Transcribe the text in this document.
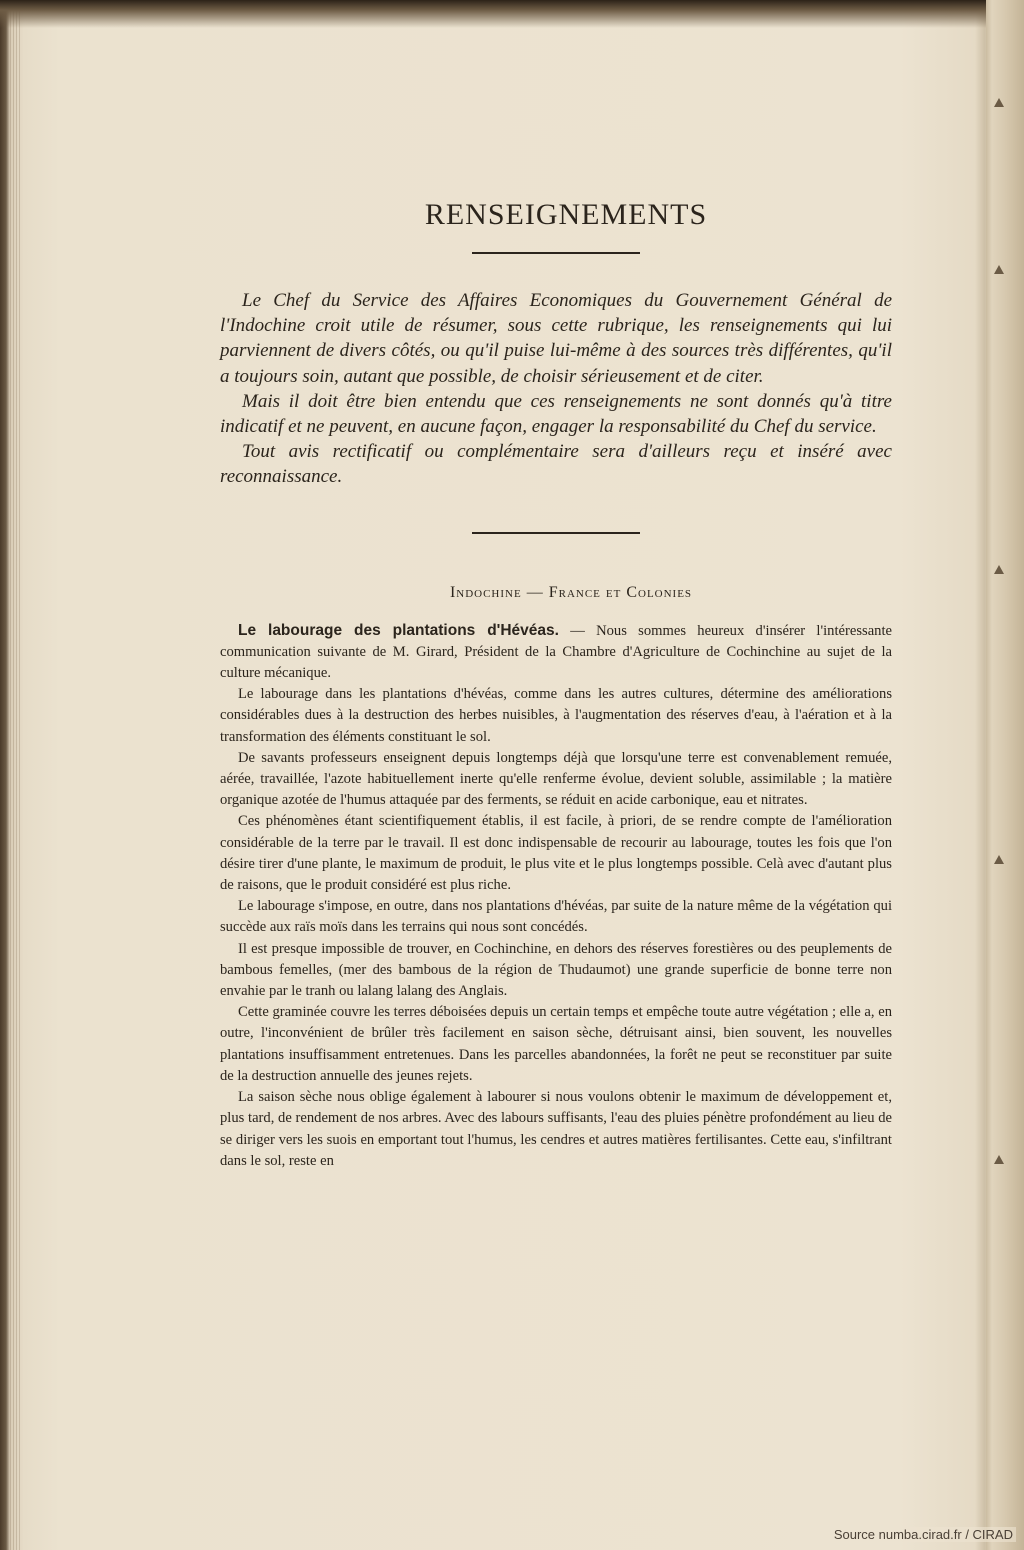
RENSEIGNEMENTS

Le Chef du Service des Affaires Economiques du Gouvernement Général de l'Indochine croit utile de résumer, sous cette rubrique, les renseignements qui lui parviennent de divers côtés, ou qu'il puise lui-même à des sources très différentes, qu'il a toujours soin, autant que possible, de choisir sérieusement et de citer.

Mais il doit être bien entendu que ces renseignements ne sont donnés qu'à titre indicatif et ne peuvent, en aucune façon, engager la responsabilité du Chef du service.

Tout avis rectificatif ou complémentaire sera d'ailleurs reçu et inséré avec reconnaissance.

Indochine — France et Colonies

Le labourage des plantations d'Hévéas. — Nous sommes heureux d'insérer l'intéressante communication suivante de M. Girard, Président de la Chambre d'Agriculture de Cochinchine au sujet de la culture mécanique.

Le labourage dans les plantations d'hévéas, comme dans les autres cultures, détermine des améliorations considérables dues à la destruction des herbes nuisibles, à l'augmentation des réserves d'eau, à l'aération et à la transformation des éléments constituant le sol.

De savants professeurs enseignent depuis longtemps déjà que lorsqu'une terre est convenablement remuée, aérée, travaillée, l'azote habituellement inerte qu'elle renferme évolue, devient soluble, assimilable ; la matière organique azotée de l'humus attaquée par des ferments, se réduit en acide carbonique, eau et nitrates.

Ces phénomènes étant scientifiquement établis, il est facile, à priori, de se rendre compte de l'amélioration considérable de la terre par le travail. Il est donc indispensable de recourir au labourage, toutes les fois que l'on désire tirer d'une plante, le maximum de produit, le plus vite et le plus longtemps possible. Celà avec d'autant plus de raisons, que le produit considéré est plus riche.

Le labourage s'impose, en outre, dans nos plantations d'hévéas, par suite de la nature même de la végétation qui succède aux raïs moïs dans les terrains qui nous sont concédés.

Il est presque impossible de trouver, en Cochinchine, en dehors des réserves forestières ou des peuplements de bambous femelles, (mer des bambous de la région de Thudaumot) une grande superficie de bonne terre non envahie par le tranh ou lalang lalang des Anglais.

Cette graminée couvre les terres déboisées depuis un certain temps et empêche toute autre végétation ; elle a, en outre, l'inconvénient de brûler très facilement en saison sèche, détruisant ainsi, bien souvent, les nouvelles plantations insuffisamment entretenues. Dans les parcelles abandonnées, la forêt ne peut se reconstituer par suite de la destruction annuelle des jeunes rejets.

La saison sèche nous oblige également à labourer si nous voulons obtenir le maximum de développement et, plus tard, de rendement de nos arbres. Avec des labours suffisants, l'eau des pluies pénètre profondément au lieu de se diriger vers les suois en emportant tout l'humus, les cendres et autres matières fertilisantes. Cette eau, s'infiltrant dans le sol, reste en

Source numba.cirad.fr / CIRAD
